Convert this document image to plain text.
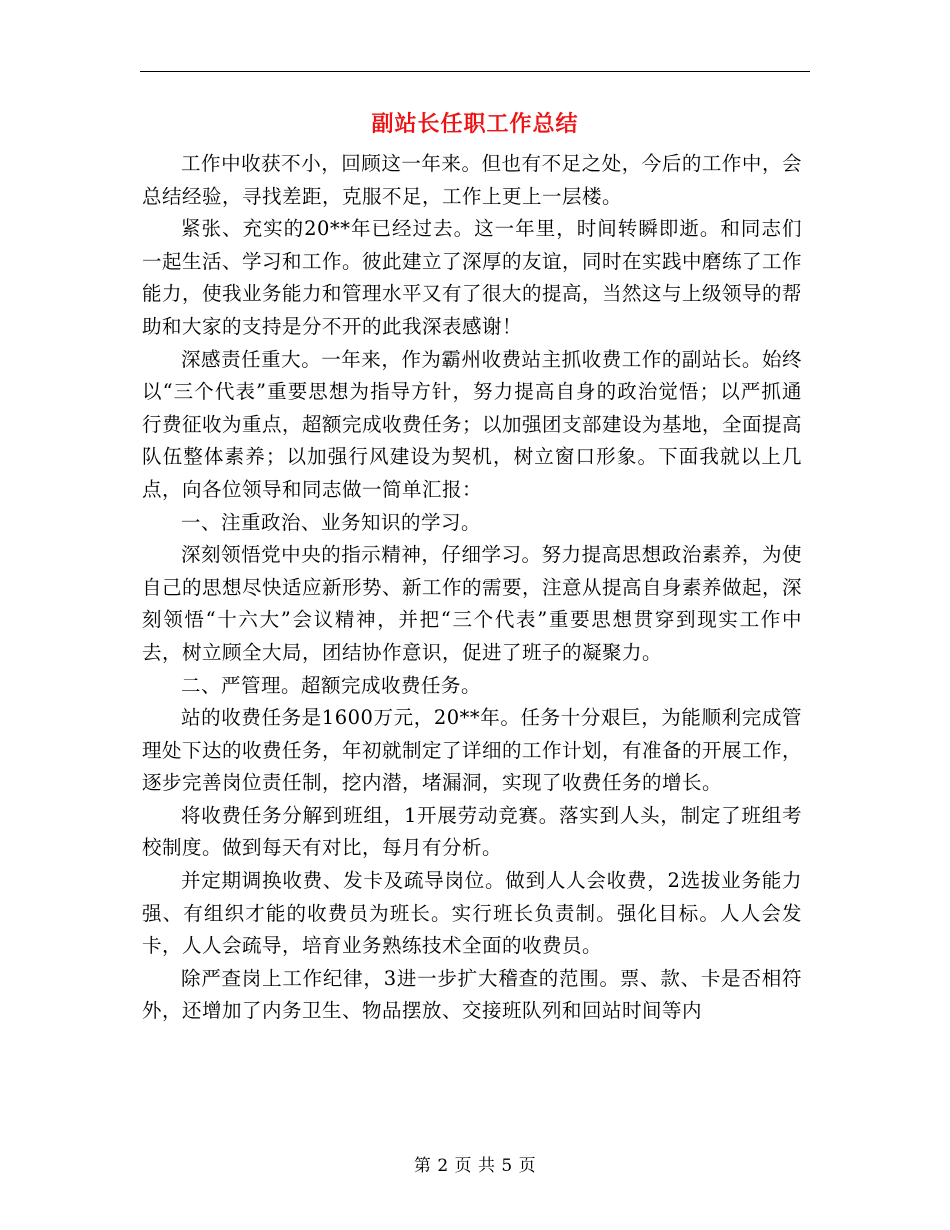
副站长任职工作总结

工作中收获不小，回顾这一年来。但也有不足之处，今后的工作中，会总结经验，寻找差距，克服不足，工作上更上一层楼。

紧张、充实的20**年已经过去。这一年里，时间转瞬即逝。和同志们一起生活、学习和工作。彼此建立了深厚的友谊，同时在实践中磨练了工作能力，使我业务能力和管理水平又有了很大的提高，当然这与上级领导的帮助和大家的支持是分不开的此我深表感谢！

深感责任重大。一年来，作为霸州收费站主抓收费工作的副站长。始终以“三个代表”重要思想为指导方针，努力提高自身的政治觉悟；以严抓通行费征收为重点，超额完成收费任务；以加强团支部建设为基地，全面提高队伍整体素养；以加强行风建设为契机，树立窗口形象。下面我就以上几点，向各位领导和同志做一简单汇报：

一、注重政治、业务知识的学习。

深刻领悟党中央的指示精神，仔细学习。努力提高思想政治素养，为使自己的思想尽快适应新形势、新工作的需要，注意从提高自身素养做起，深刻领悟“十六大”会议精神，并把“三个代表”重要思想贯穿到现实工作中去，树立顾全大局，团结协作意识，促进了班子的凝聚力。

二、严管理。超额完成收费任务。

站的收费任务是1600万元，20**年。任务十分艰巨，为能顺利完成管理处下达的收费任务，年初就制定了详细的工作计划，有准备的开展工作，逐步完善岗位责任制，挖内潜，堵漏洞，实现了收费任务的增长。

将收费任务分解到班组，1开展劳动竞赛。落实到人头，制定了班组考校制度。做到每天有对比，每月有分析。

并定期调换收费、发卡及疏导岗位。做到人人会收费，2选拔业务能力强、有组织才能的收费员为班长。实行班长负责制。强化目标。人人会发卡，人人会疏导，培育业务熟练技术全面的收费员。

除严查岗上工作纪律，3进一步扩大稽查的范围。票、款、卡是否相符外，还增加了内务卫生、物品摆放、交接班队列和回站时间等内

第 2 页 共 5 页
